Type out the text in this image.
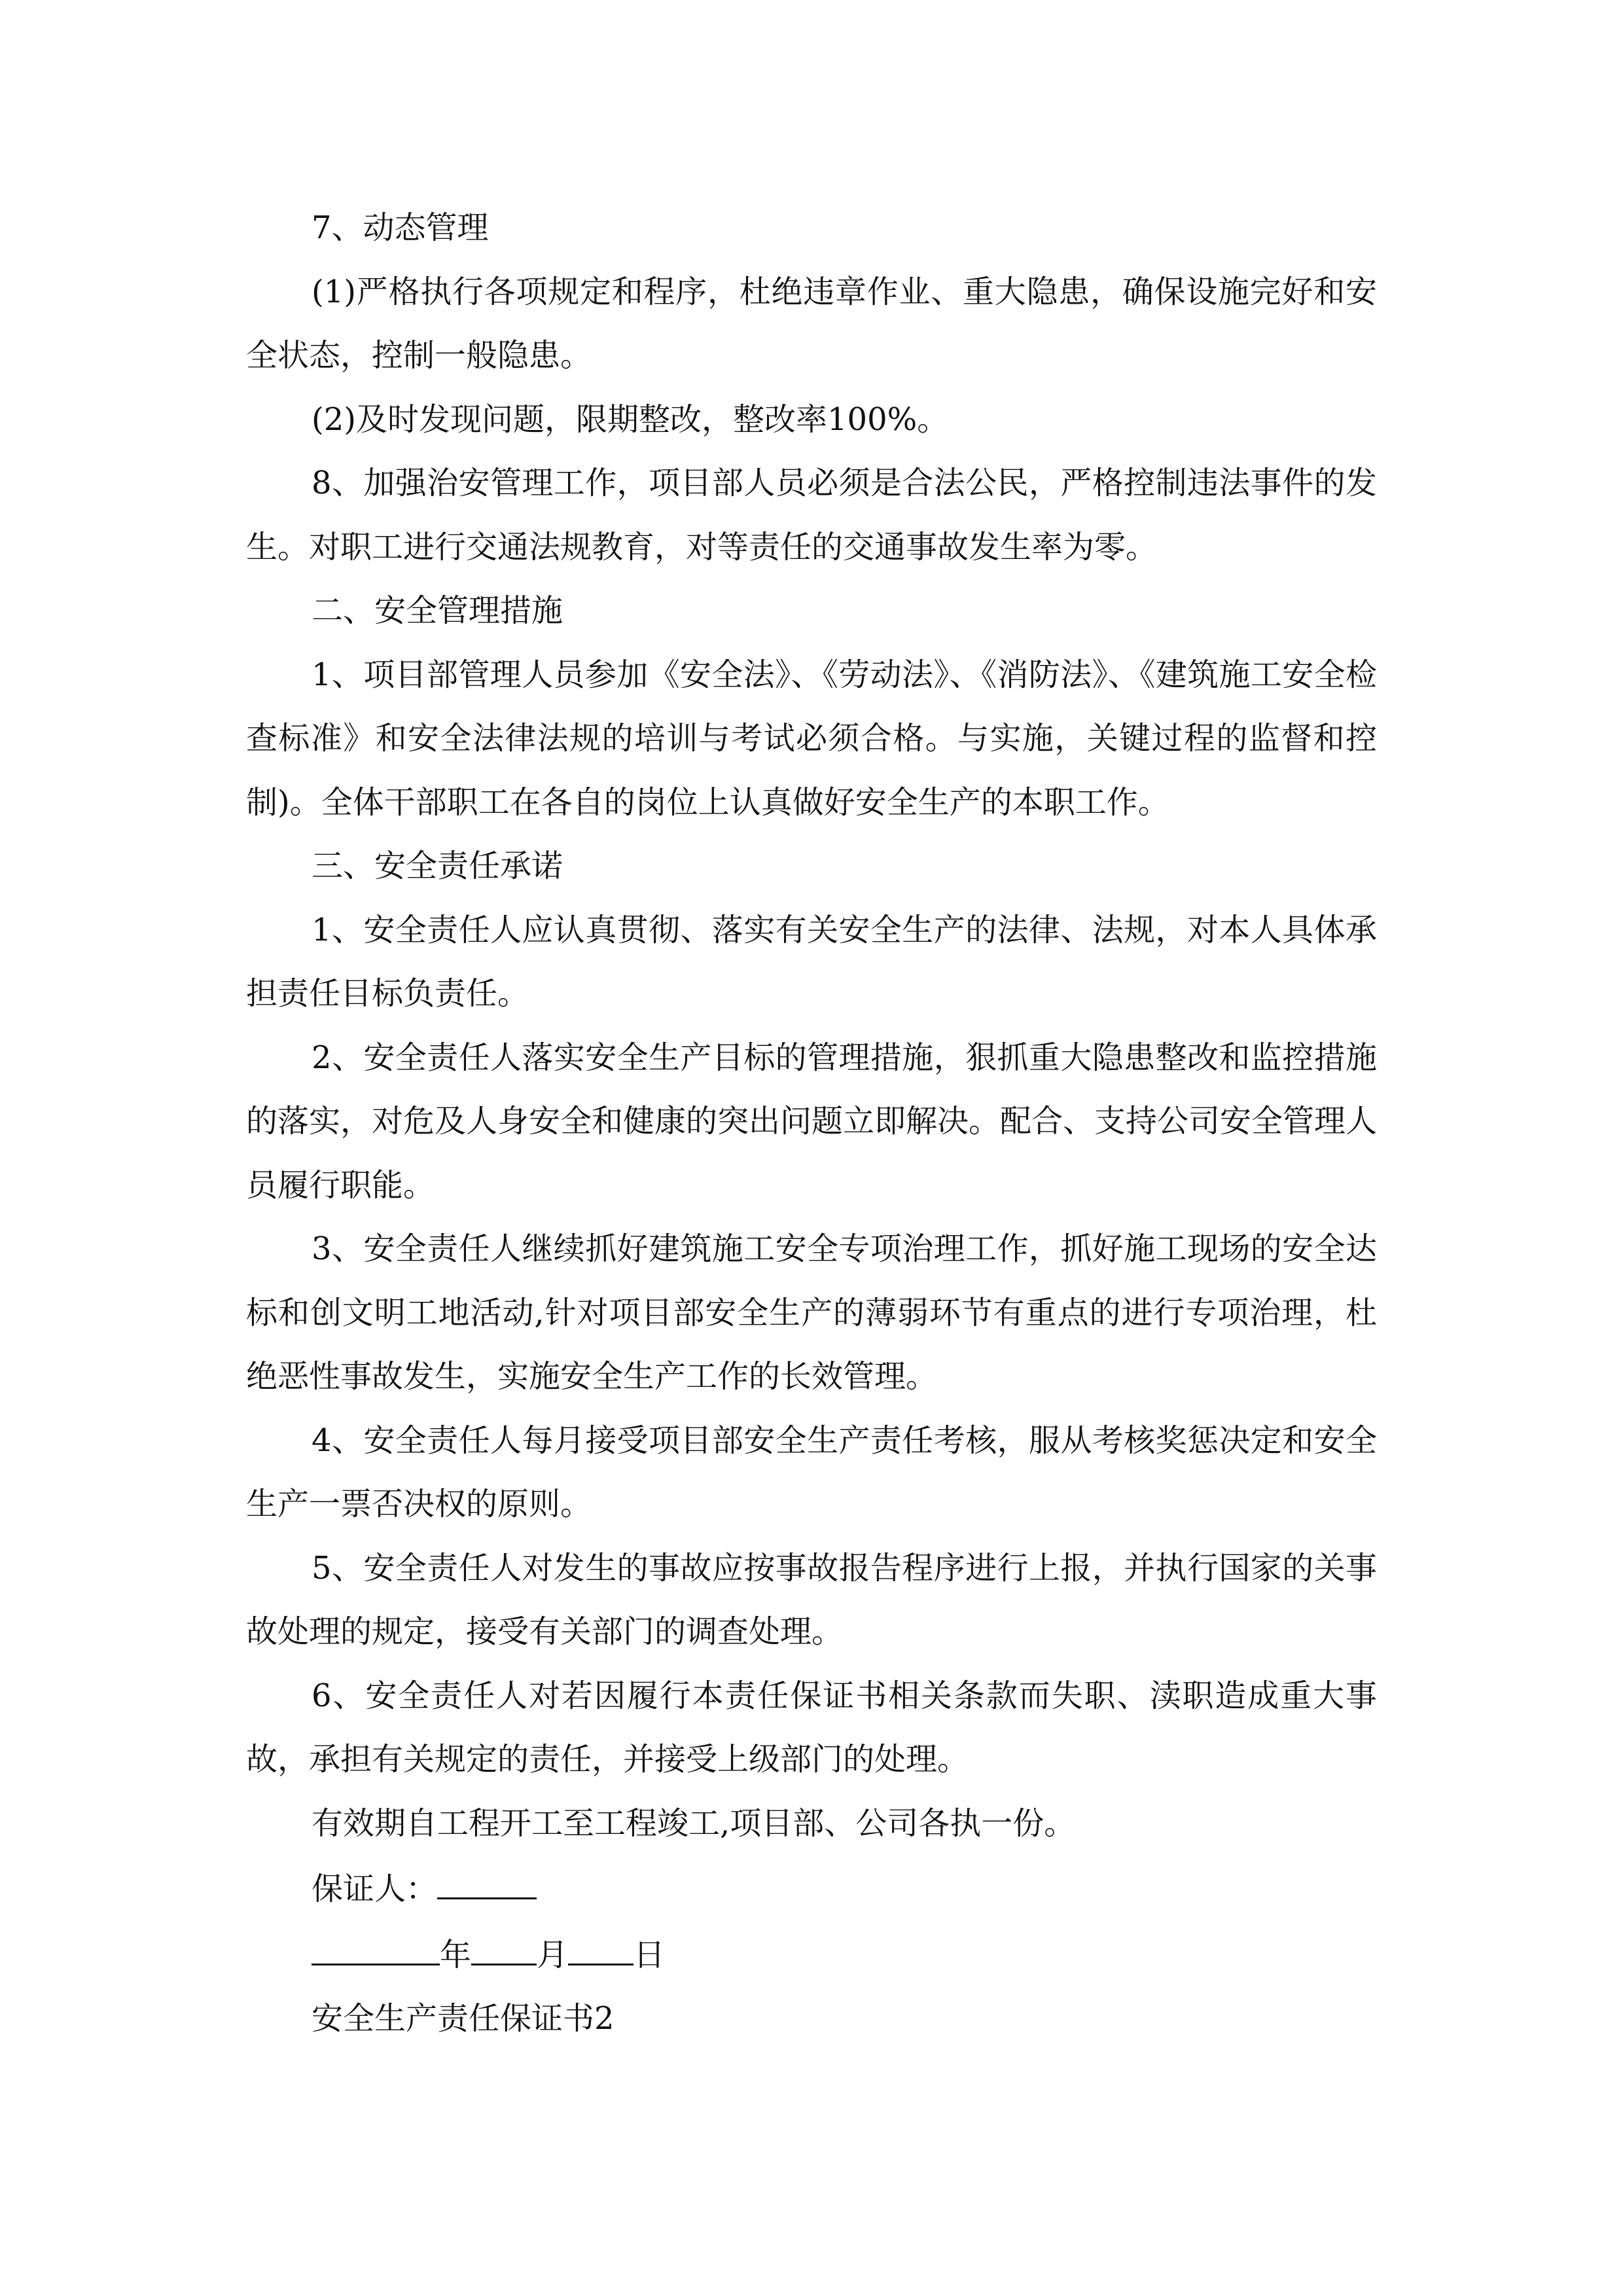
7、动态管理

(1)严格执行各项规定和程序，杜绝违章作业、重大隐患，确保设施完好和安全状态，控制一般隐患。

(2)及时发现问题，限期整改，整改率100%。

8、加强治安管理工作，项目部人员必须是合法公民，严格控制违法事件的发生。对职工进行交通法规教育，对等责任的交通事故发生率为零。

二、安全管理措施

1、项目部管理人员参加《安全法》、《劳动法》、《消防法》、《建筑施工安全检查标准》和安全法律法规的培训与考试必须合格。与实施，关键过程的监督和控制)。全体干部职工在各自的岗位上认真做好安全生产的本职工作。

三、安全责任承诺

1、安全责任人应认真贯彻、落实有关安全生产的法律、法规，对本人具体承担责任目标负责任。

2、安全责任人落实安全生产目标的管理措施，狠抓重大隐患整改和监控措施的落实，对危及人身安全和健康的突出问题立即解决。配合、支持公司安全管理人员履行职能。

3、安全责任人继续抓好建筑施工安全专项治理工作，抓好施工现场的安全达标和创文明工地活动,针对项目部安全生产的薄弱环节有重点的进行专项治理，杜绝恶性事故发生，实施安全生产工作的长效管理。

4、安全责任人每月接受项目部安全生产责任考核，服从考核奖惩决定和安全生产一票否决权的原则。

5、安全责任人对发生的事故应按事故报告程序进行上报，并执行国家的关事故处理的规定，接受有关部门的调查处理。

6、安全责任人对若因履行本责任保证书相关条款而失职、渎职造成重大事故，承担有关规定的责任，并接受上级部门的处理。

有效期自工程开工至工程竣工,项目部、公司各执一份。

保证人：

年 月 日

安全生产责任保证书2
